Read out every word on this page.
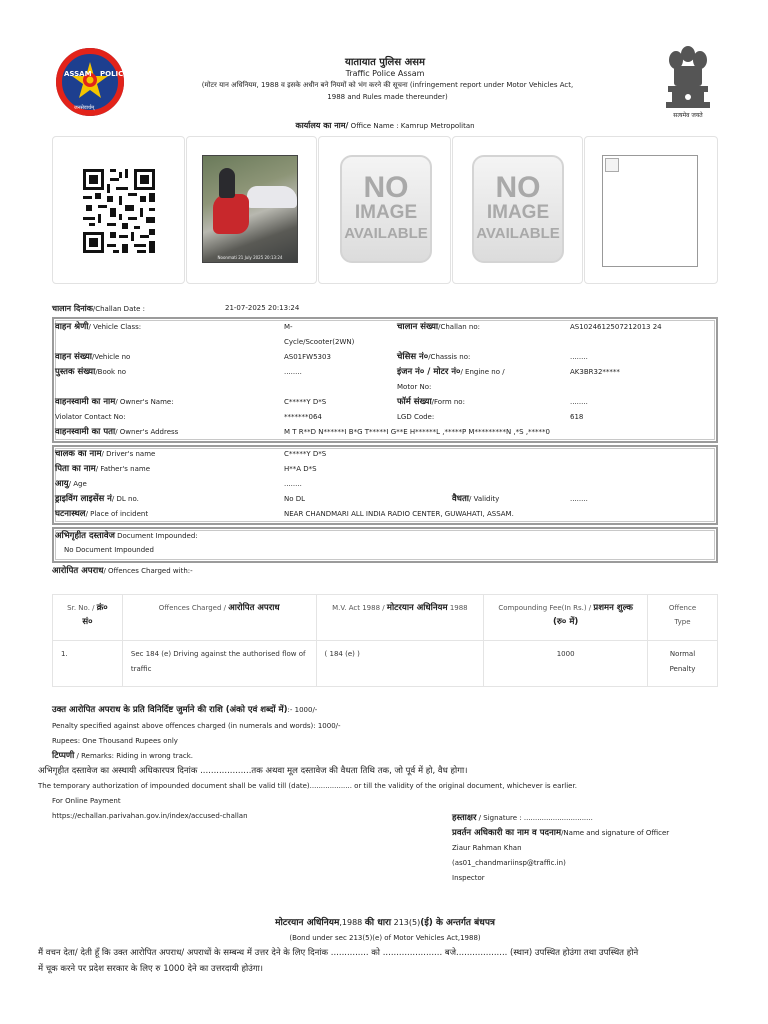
ASSAM POLICE
जनसेवार्थम्
यातायात पुलिस असम
Traffic Police Assam
(मोटर यान अधिनियम, 1988 व इसके अधीन बने नियमों को भंग करने की सूचना (infringement report under Motor Vehicles Act, 1988 and Rules made thereunder)
सत्यमेव जयते
कार्यालय का नाम/ Office Name : Kamrup Metropolitan
Noonmati 21 July 2025 20:13:24
NO
IMAGE
AVAILABLE
NO
IMAGE
AVAILABLE
चालान दिनांक/Challan Date :	21-07-2025 20:13:24
वाहन श्रेणी/ Vehicle Class:	M-
Cycle/Scooter(2WN)
चालान संख्या/Challan no:	AS1024612507212013 24
वाहन संख्या/Vehicle no	AS01FW5303	चेसिस नं०/Chassis no:	........
पुस्तक संख्या/Book no	........	इंजन नं० / मोटर नं०/ Engine no /
Motor No:
AK3BR32*****
वाहनस्वामी का नाम/ Owner's Name:	C*****Y D*S	फॉर्म संख्या/Form no:	........
Violator Contact No:	*******064	LGD Code:	618
वाहनस्वामी का पता/ Owner's Address	M T R**D N******I B*G T*****I G**E H******L ,*****P M*********N ,*S ,*****0
चालक का नाम/ Driver's name	C*****Y D*S
पिता का नाम/ Father's name	H**A D*S
आयु/ Age	........
ड्राइविंग लाइसेंस नं/ DL no.	No DL	वैधता/ Validity	........
घटनास्थल/ Place of incident	NEAR CHANDMARI ALL INDIA RADIO CENTER, GUWAHATI, ASSAM.
अभिगृहीत दस्तावेज Document Impounded:
No Document Impounded
आरोपित अपराध/ Offences Charged with:-
Sr. No. / क्रं० सं०	Offences Charged / आरोपित अपराध	M.V. Act 1988 / मोटरयान अधिनियम 1988	Compounding Fee(In Rs.) / प्रशमन शुल्क (रु० में)	Offence
Type
1.	Sec 184 (e) Driving against the authorised flow of traffic	( 184 (e) )	1000	Normal
Penalty
उक्त आरोपित अपराध के प्रति विनिर्दिष्ट जुर्माने की राशि (अंको एवं शब्दों में):- 1000/-
Penalty specified against above offences charged (in numerals and words): 1000/-
Rupees: One Thousand Rupees only
टिप्पणी / Remarks: Riding in wrong track.
अभिगृहीत दस्तावेज का अस्थायी अधिकारपत्र दिनांक ...................तक अथवा मूल दस्तावेज की वैधता तिथि तक, जो पूर्व में हो, वैध होगा।
The temporary authorization of impounded document shall be valid till (date)................... or till the validity of the original document, whichever is earlier.
For Online Payment
https://echallan.parivahan.gov.in/index/accused-challan	हस्ताक्षर / Signature : ...............................
प्रवर्तन अधिकारी का नाम व पदनाम/Name and signature of Officer
Ziaur Rahman Khan
(as01_chandmariinsp@traffic.in)
Inspector
मोटरयान अधिनियम,1988 की धारा 213(5)(ई) के अन्तर्गत बंधपत्र
(Bond under sec 213(5)(e) of Motor Vehicles Act,1988)
मैं वचन देता/ देती हूँ कि उक्त आरोपित अपराध/ अपराधों के सम्बन्ध में उत्तर देने के लिए दिनांक .............. को ...................... बजे................... (स्थान) उपस्थित होउंगा तथा उपस्थित होने
में चूक करने पर प्रदेश सरकार के लिए रु 1000 देने का उत्तरदायी होउंगा।
